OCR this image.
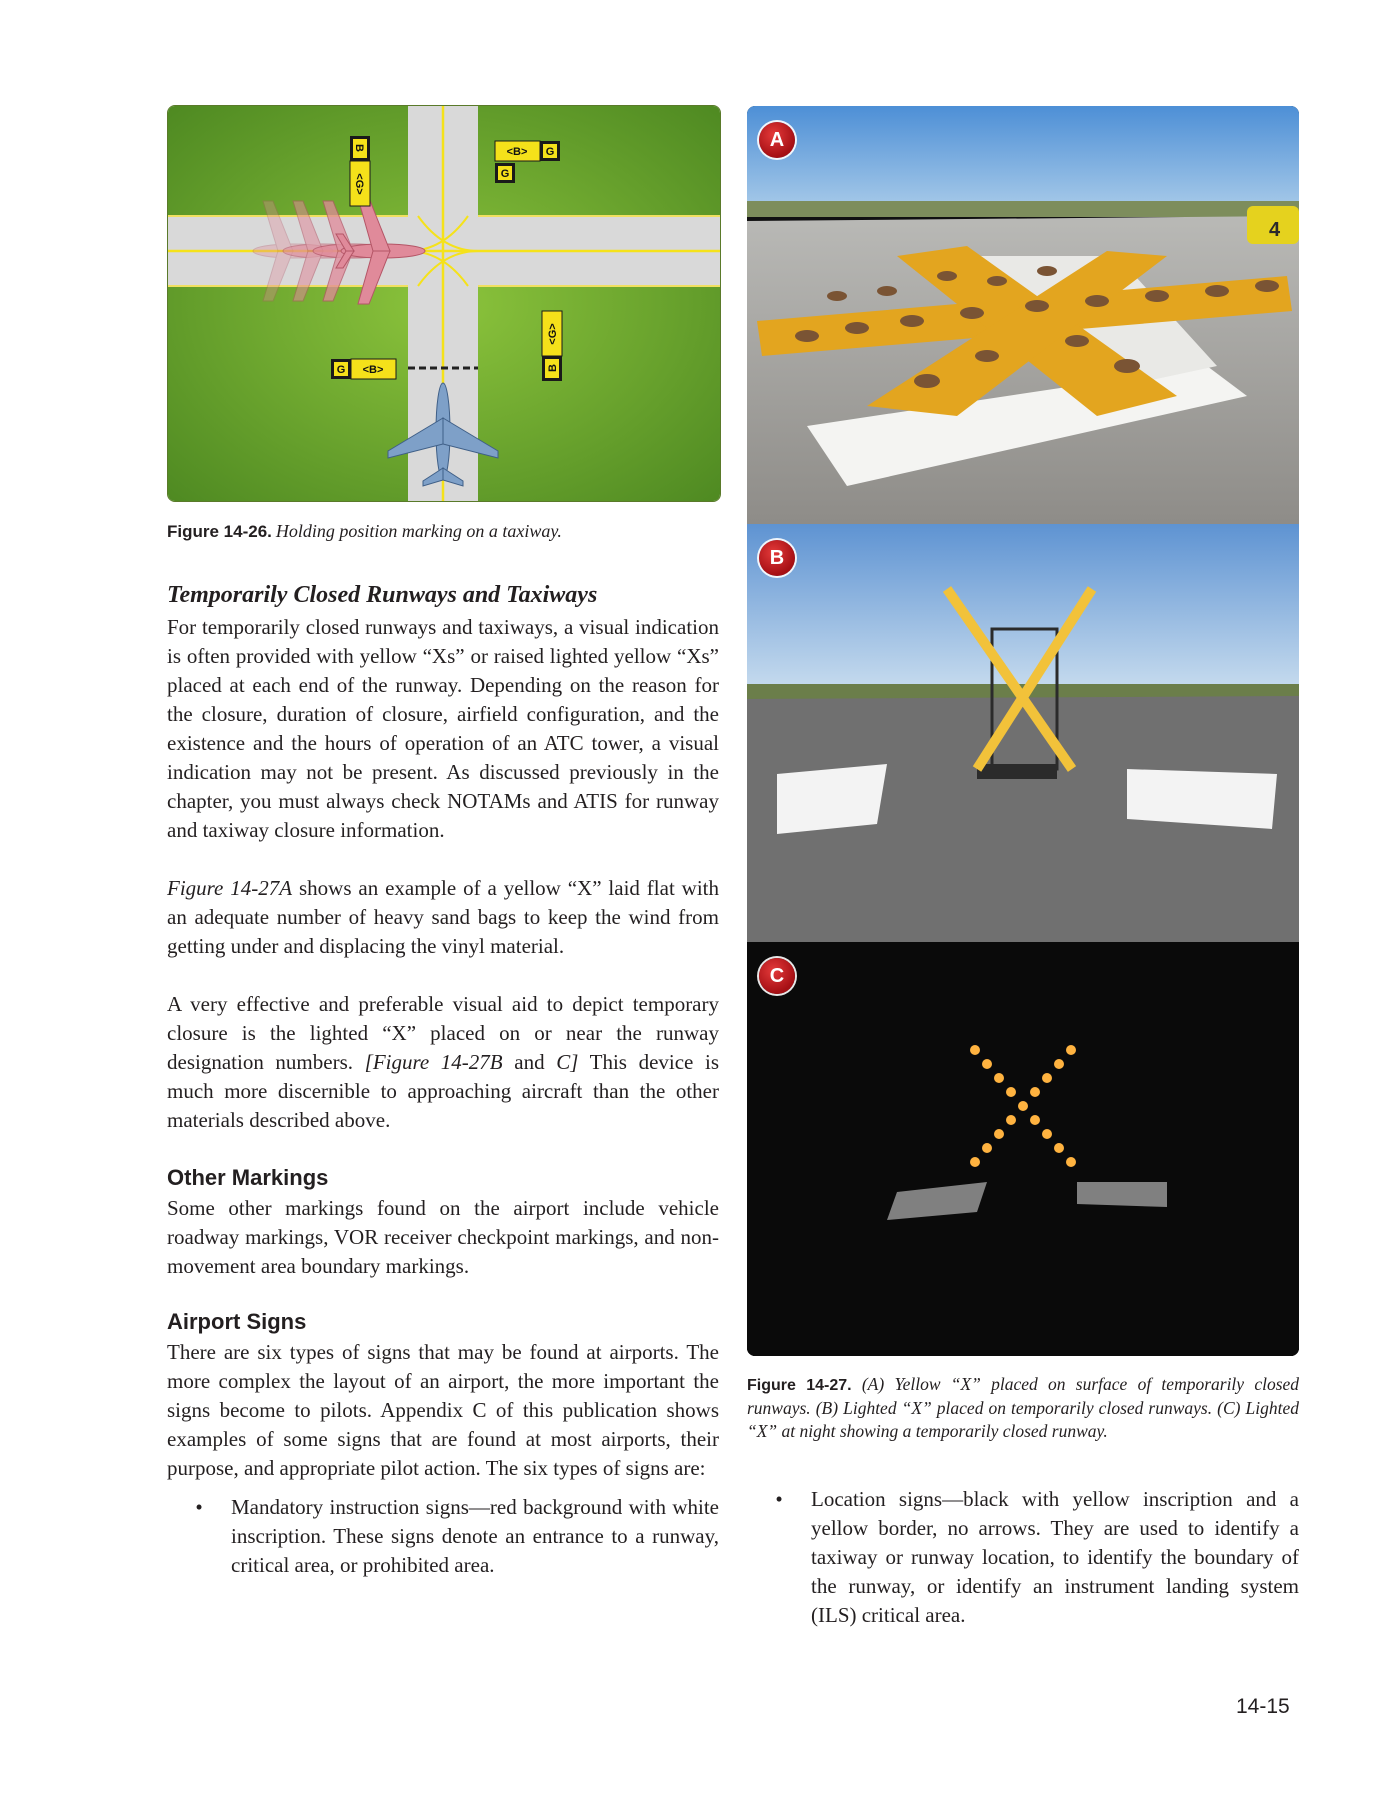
B
<G>
<B> G
G
G <B>
<G>
B
Figure 14-26. Holding position marking on a taxiway.
Temporarily Closed Runways and Taxiways

For temporarily closed runways and taxiways, a visual indication is often provided with yellow “Xs” or raised lighted yellow “Xs” placed at each end of the runway. Depending on the reason for the closure, duration of closure, airfield configuration, and the existence and the hours of operation of an ATC tower, a visual indication may not be present. As discussed previously in the chapter, you must always check NOTAMs and ATIS for runway and taxiway closure information.

Figure 14-27A shows an example of a yellow “X” laid flat with an adequate number of heavy sand bags to keep the wind from getting under and displacing the vinyl material.

A very effective and preferable visual aid to depict temporary closure is the lighted “X” placed on or near the runway designation numbers. [Figure 14-27B and C] This device is much more discernible to approaching aircraft than the other materials described above.

Other Markings

Some other markings found on the airport include vehicle roadway markings, VOR receiver checkpoint markings, and non-movement area boundary markings.

Airport Signs

There are six types of signs that may be found at airports. The more complex the layout of an airport, the more important the signs become to pilots. Appendix C of this publication shows examples of some signs that are found at most airports, their purpose, and appropriate pilot action. The six types of signs are:

•	Mandatory instruction signs—red background with white inscription. These signs denote an entrance to a runway, critical area, or prohibited area.
4
A
B
C
Figure 14-27. (A) Yellow “X” placed on surface of temporarily closed runways. (B) Lighted “X” placed on temporarily closed runways. (C) Lighted “X” at night showing a temporarily closed runway.
•	Location signs—black with yellow inscription and a yellow border, no arrows. They are used to identify a taxiway or runway location, to identify the boundary of the runway, or identify an instrument landing system (ILS) critical area.
14-15
